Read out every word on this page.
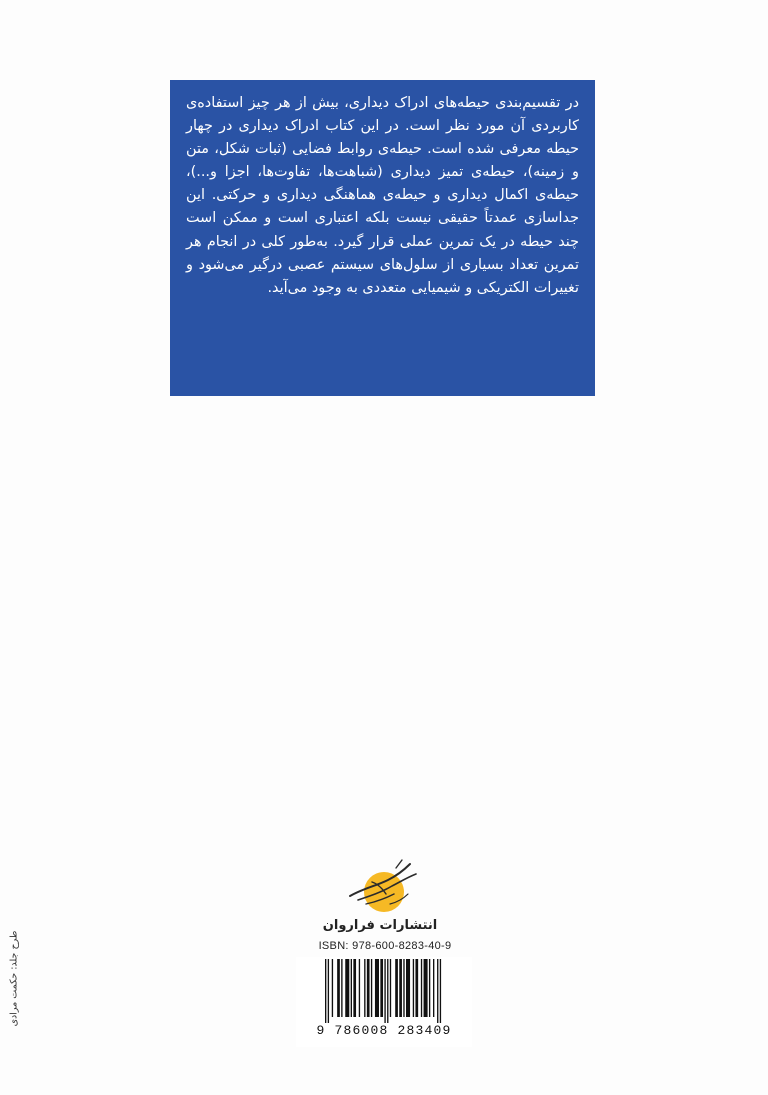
در تقسیم‌بندی حیطه‌های ادراک دیداری، بیش از هر چیز استفاده‌ی کاربردی آن مورد نظر است. در این کتاب ادراک دیداری در چهار حیطه معرفی شده است. حیطه‌ی روابط فضایی (ثبات شکل، متن و زمینه)، حیطه‌ی تمیز دیداری (شباهت‌ها، تفاوت‌ها، اجزا و...)، حیطه‌ی اکمال دیداری و حیطه‌ی هماهنگی دیداری و حرکتی. این جداسازی عمدتاً حقیقی نیست بلکه اعتباری است و ممکن است چند حیطه در یک تمرین عملی قرار گیرد. به‌طور کلی در انجام هر تمرین تعداد بسیاری از سلول‌های سیستم عصبی درگیر می‌شود و تغییرات الکتریکی و شیمیایی متعددی به وجود می‌آید.

انتشارات فراروان
ISBN: 978-600-8283-40-9
9 786008 283409
طرح جلد: حکمت مرادی
